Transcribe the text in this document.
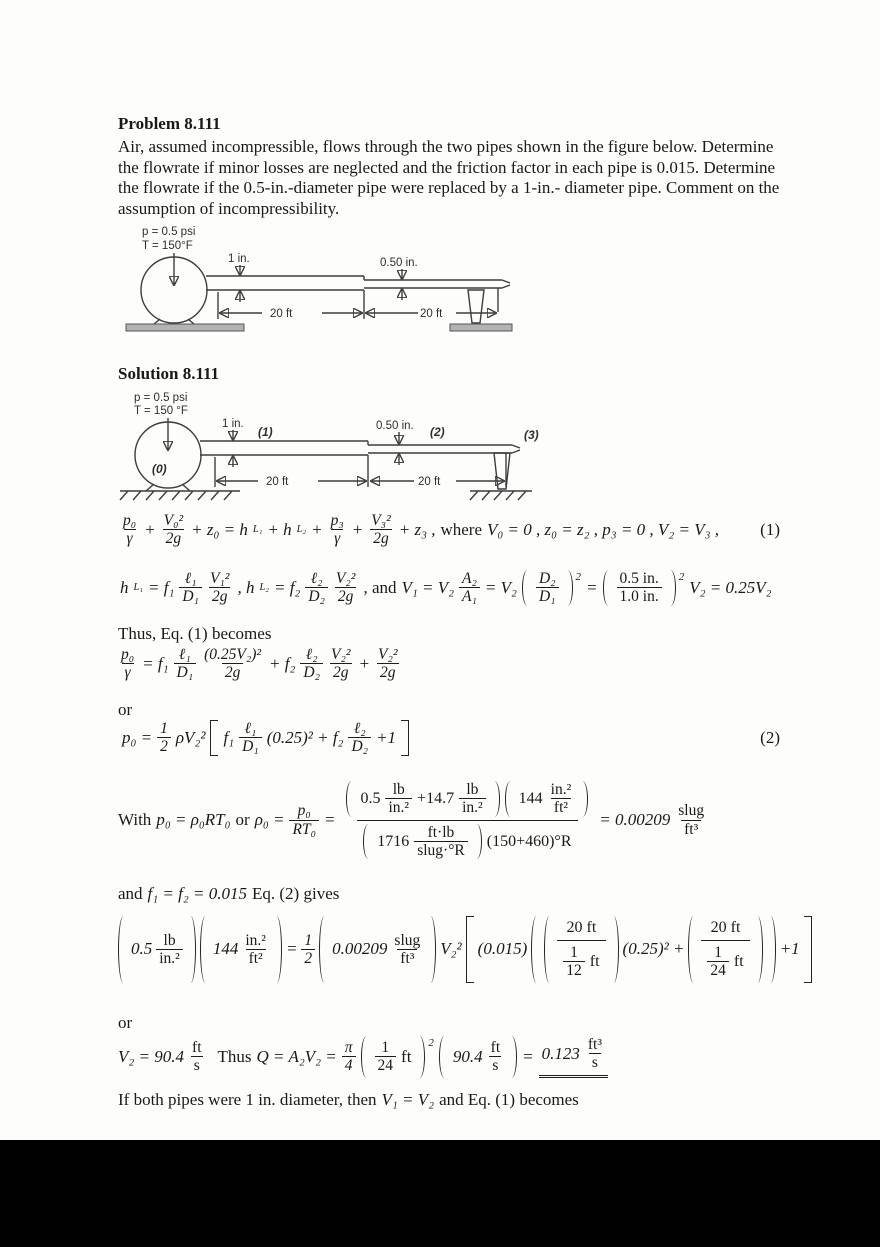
Problem 8.111
Air, assumed incompressible, flows through the two pipes shown in the figure below. Determine the flowrate if minor losses are neglected and the friction factor in each pipe is 0.015. Determine the flowrate if the 0.5-in.-diameter pipe were replaced by a 1-in.- diameter pipe. Comment on the assumption of incompressibility.
p = 0.5 psi
T = 150°F
1 in.	0.50 in.
20 ft	20 ft
Solution 8.111
p = 0.5 psi
T = 150 °F
(0)
1 in.
(1)	0.50 in. (2)	(3)
20 ft	20 ft
$\frac{\text{p₀}}{\gamma} + \frac{\text{V₀²}}{2g} + z_0 = h$ L₁ + h $L_2 + \frac{\text{p₃}}{\gamma} + \frac{\text{V₃²}}{2g} + z_3$ , where V₀ = 0 , z₀ = z₂ , p₃ = 0 , V₂ = V₃ , (1)
h L₁ = f₁ ℓ₁
$D_1 \frac{\text{V₁²}}{2g}$ , h L₂ = f₂ ℓ₂
$D_2 \frac{\text{V₂²}}{2g}$ , and $V_1 = V_2 \frac{\text{A₂}}{\text{A₁}} = V_2 \frac{\text{D₂}}{\text{D₁}} 2$
= $\frac{0.5 in.}{1.0 in.} 2$
V₂ = 0.25V₂
Thus, Eq. (1) becomes
$\frac{\text{p₀}}{\gamma} = f_1$ ℓ₁
$D_1 \frac{\text{(0.25V₂)²}}{2g} + f_2$ ℓ₂
$D_2 \frac{\text{V₂²}}{2g} + \frac{\text{V₂²}}{2g}$
or
$p_0 = \frac{1}{2} \rho V_2^2$ f₁ ℓ₁
D₁ (0.25)² + f₂ ℓ₂
D₂ +1	(2)
With p₀ = ρ₀RT₀ or $\rho_0 = \frac{\text{p₀}}{\text{RT₀}}$ =
$0.5 \frac{lb}{\text{in.²}} +14.7 \frac{lb}{\text{in.²}} 144 \frac{\text{in.²}}{\text{ft²}}$
1716
ft·lb
slug·°R
(150+460)°R
= 0.00209 slug
ft³
and f₁ = f₂ = 0.015 Eq. (2) gives
$0.5 \frac{lb}{\text{in.²}} 144 \frac{\text{in.²}}{\text{ft²}} = \frac{1}{2} 0.00209$ slug
ft³ V₂² $(0.015) \frac{20 ft}{\frac{1}{12} ft} (0.25)^2 + \frac{20 ft}{\frac{1}{24} ft} +1$
or
$V_2 = 90.4 \frac{ft}{s}$ Thus $Q = A_2V_2 = \frac{\pi}{4} \frac{1}{24}$ ft
2
$90.4 \frac{ft}{s} = 0.123 \frac{\text{ft³}}{s}$
If both pipes were 1 in. diameter, then V₁ = V₂ and Eq. (1) becomes
